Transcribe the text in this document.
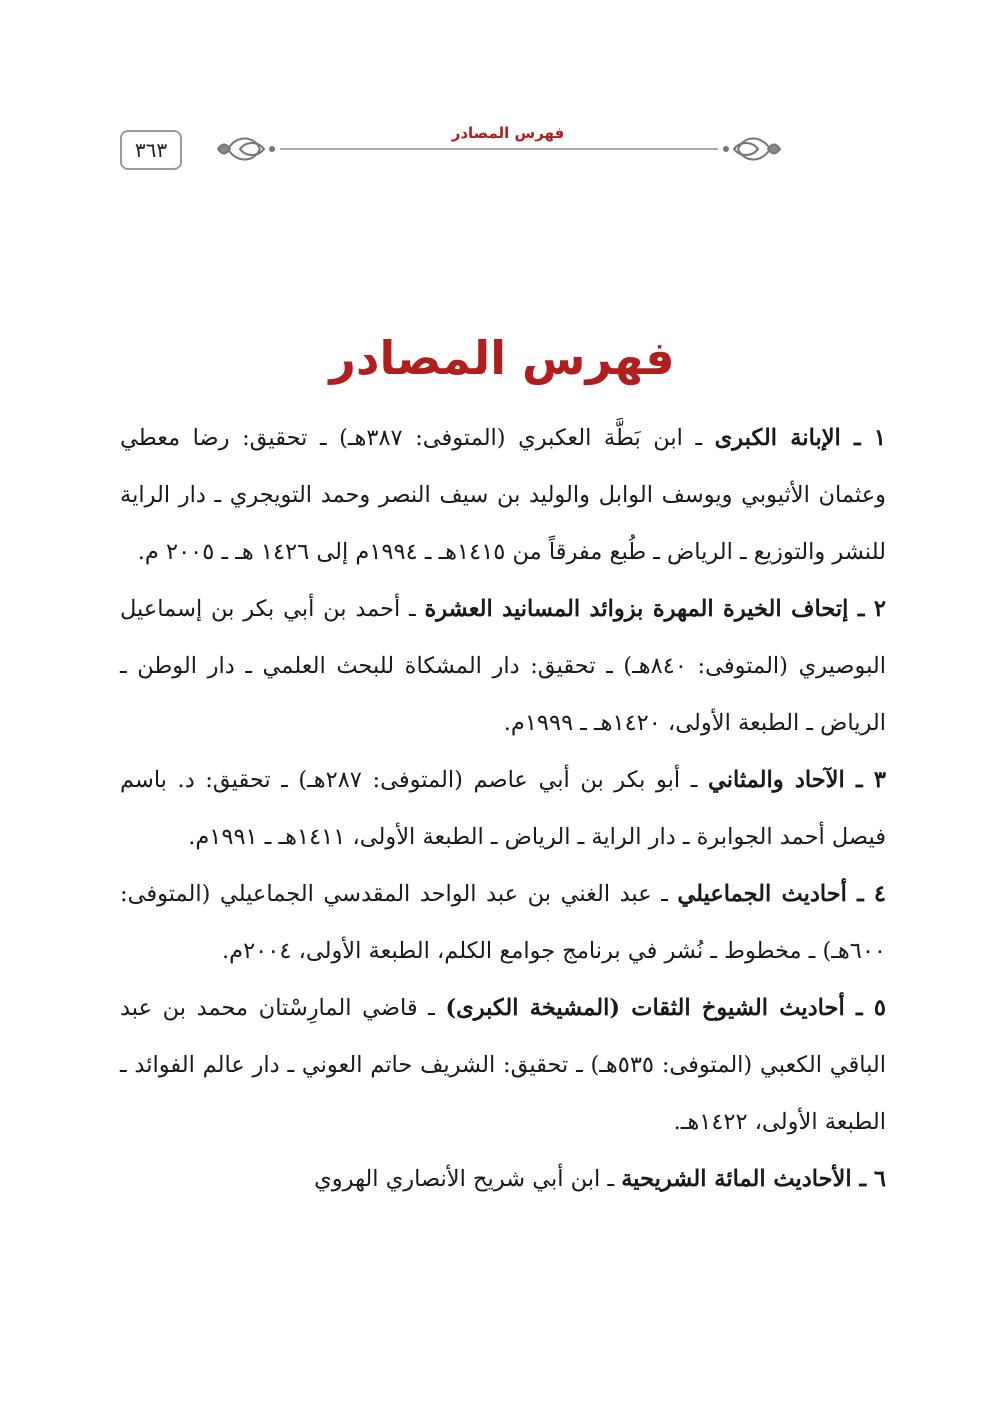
٣٦٣
فهرس المصادر
فهرس المصادر

١ ـ الإبانة الكبرى ـ ابن بَطَّة العكبري (المتوفى: ٣٨٧هـ) ـ تحقيق: رضا معطي وعثمان الأثيوبي ويوسف الوابل والوليد بن سيف النصر وحمد التويجري ـ دار الراية للنشر والتوزيع ـ الرياض ـ طُبع مفرقاً من ١٤١٥هـ ـ ١٩٩٤م إلى ١٤٢٦ هـ ـ ٢٠٠٥ م.

٢ ـ إتحاف الخيرة المهرة بزوائد المسانيد العشرة ـ أحمد بن أبي بكر بن إسماعيل البوصيري (المتوفى: ٨٤٠هـ) ـ تحقيق: دار المشكاة للبحث العلمي ـ دار الوطن ـ الرياض ـ الطبعة الأولى، ١٤٢٠هـ ـ ١٩٩٩م.

٣ ـ الآحاد والمثاني ـ أبو بكر بن أبي عاصم (المتوفى: ٢٨٧هـ) ـ تحقيق: د. باسم فيصل أحمد الجوابرة ـ دار الراية ـ الرياض ـ الطبعة الأولى، ١٤١١هـ ـ ١٩٩١م.

٤ ـ أحاديث الجماعيلي ـ عبد الغني بن عبد الواحد المقدسي الجماعيلي (المتوفى: ٦٠٠هـ) ـ مخطوط ـ نُشر في برنامج جوامع الكلم، الطبعة الأولى، ٢٠٠٤م.

٥ ـ أحاديث الشيوخ الثقات (المشيخة الكبرى) ـ قاضي المارِسْتان محمد بن عبد الباقي الكعبي (المتوفى: ٥٣٥هـ) ـ تحقيق: الشريف حاتم العوني ـ دار عالم الفوائد ـ الطبعة الأولى، ١٤٢٢هـ.

٦ ـ الأحاديث المائة الشريحية ـ ابن أبي شريح الأنصاري الهروي
